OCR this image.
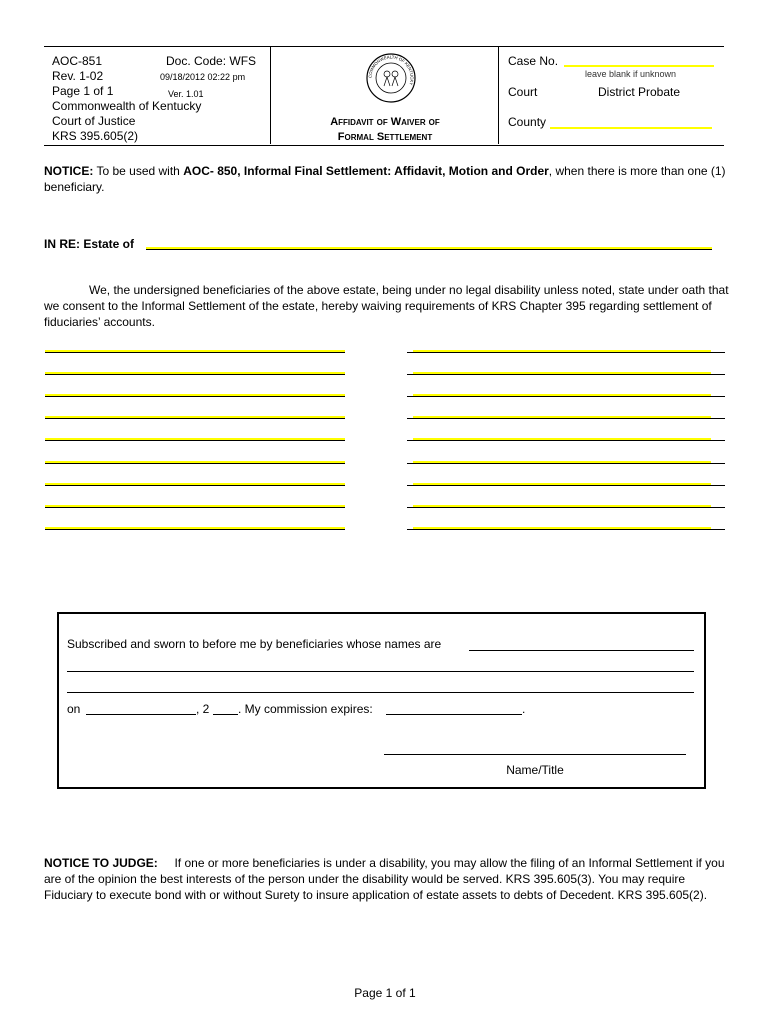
AOC-851
Rev. 1-02
Page 1 of 1
Commonwealth of Kentucky
Court of Justice
KRS 395.605(2)
Doc. Code: WFS
09/18/2012 02:22 pm
Ver. 1.01
COMMONWEALTH OF KENTUCKY
Affidavit of Waiver of
Formal Settlement
Case No.
leave blank if unknown
Court	District Probate
County
NOTICE: To be used with AOC- 850, Informal Final Settlement: Affidavit, Motion and Order, when there is more than one (1) beneficiary.
IN RE: Estate of
We, the undersigned beneficiaries of the above estate, being under no legal disability unless noted, state under oath that we consent to the Informal Settlement of the estate, hereby waiving requirements of KRS Chapter 395 regarding settlement of fiduciaries’ accounts.
Subscribed and sworn to before me by beneficiaries whose names are
on	, 2 . My commission expires:	.
Name/Title
NOTICE TO JUDGE: If one or more beneficiaries is under a disability, you may allow the filing of an Informal Settlement if you are of the opinion the best interests of the person under the disability would be served. KRS 395.605(3). You may require Fiduciary to execute bond with or without Surety to insure application of estate assets to debts of Decedent. KRS 395.605(2).
Page 1 of 1
